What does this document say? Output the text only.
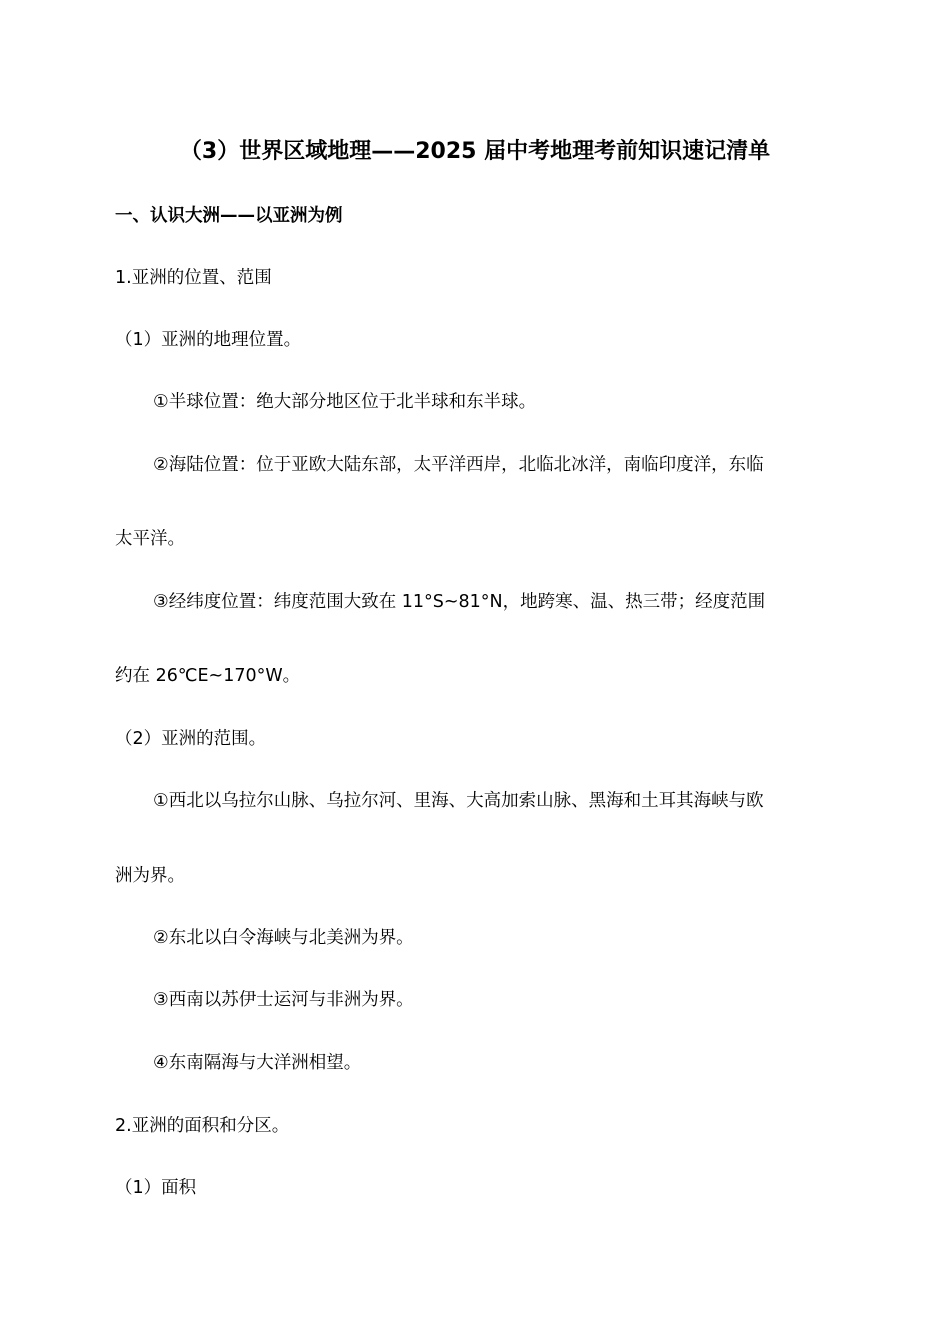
（3）世界区域地理——2025 届中考地理考前知识速记清单
一、认识大洲——以亚洲为例
1.亚洲的位置、范围
（1）亚洲的地理位置。
①半球位置：绝大部分地区位于北半球和东半球。
②海陆位置：位于亚欧大陆东部，太平洋西岸，北临北冰洋，南临印度洋，东临
太平洋。
③经纬度位置：纬度范围大致在 11°S~81°N，地跨寒、温、热三带；经度范围
约在 26℃E~170°W。
（2）亚洲的范围。
①西北以乌拉尔山脉、乌拉尔河、里海、大高加索山脉、黑海和土耳其海峡与欧
洲为界。
②东北以白令海峡与北美洲为界。
③西南以苏伊士运河与非洲为界。
④东南隔海与大洋洲相望。
2.亚洲的面积和分区。
（1）面积
